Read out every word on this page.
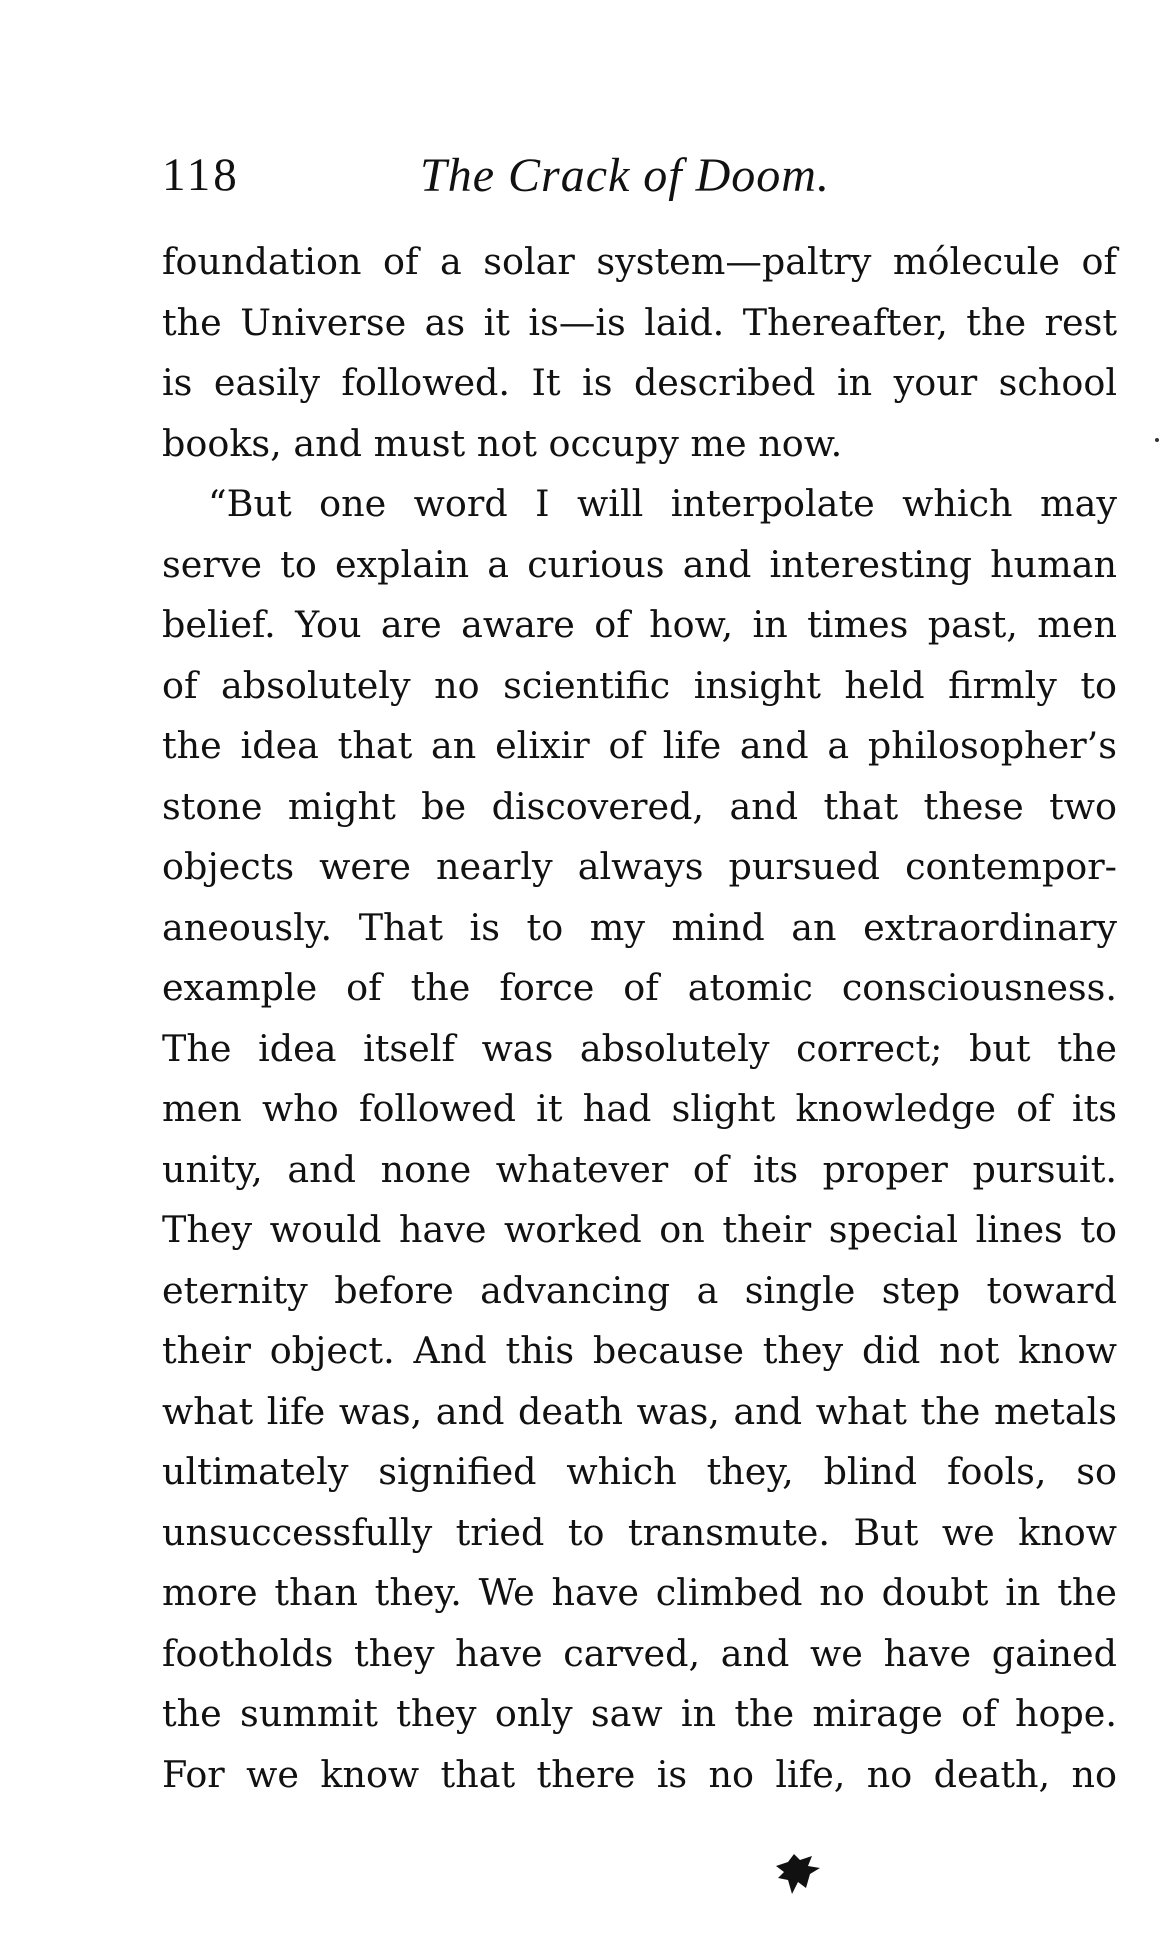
118	The Crack of Doom.
foundation of a solar system—paltry mólecule of
the Universe as it is—is laid. Thereafter, the rest
is easily followed. It is described in your school
books, and must not occupy me now.
“But one word I will interpolate which may
serve to explain a curious and interesting human
belief. You are aware of how, in times past, men
of absolutely no scientific insight held firmly to
the idea that an elixir of life and a philosopher’s
stone might be discovered, and that these two
objects were nearly always pursued contempor-
aneously. That is to my mind an extraordinary
example of the force of atomic consciousness.
The idea itself was absolutely correct; but the
men who followed it had slight knowledge of its
unity, and none whatever of its proper pursuit.
They would have worked on their special lines to
eternity before advancing a single step toward
their object. And this because they did not know
what life was, and death was, and what the metals
ultimately signified which they, blind fools, so
unsuccessfully tried to transmute. But we know
more than they. We have climbed no doubt in the
footholds they have carved, and we have gained
the summit they only saw in the mirage of hope.
For we know that there is no life, no death, no
